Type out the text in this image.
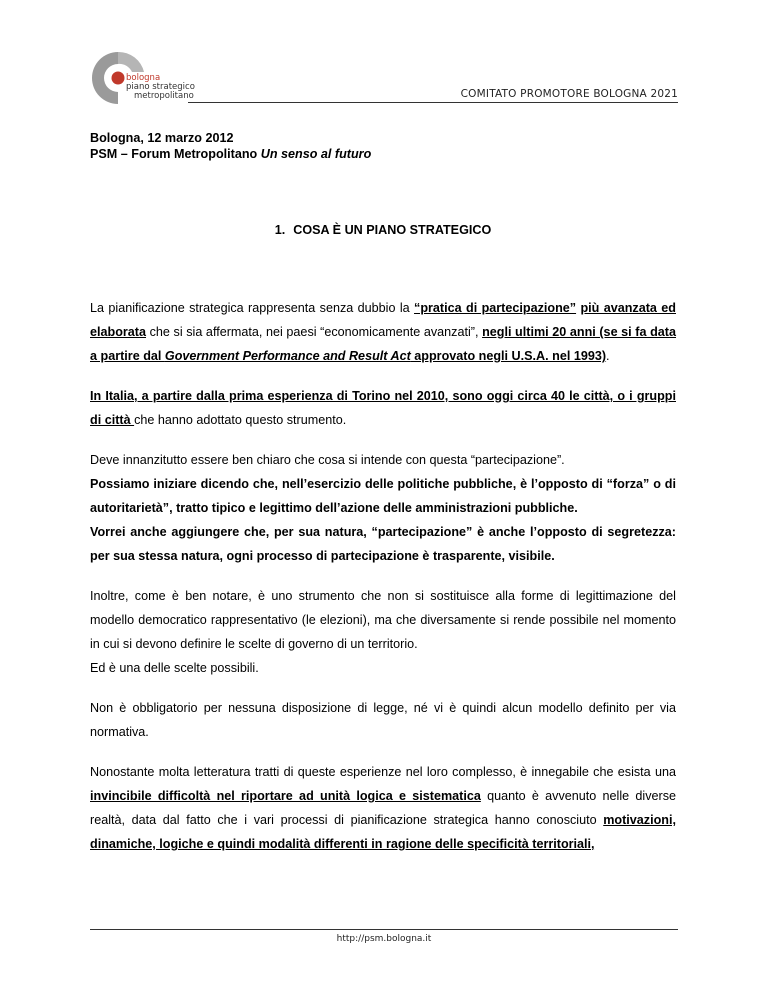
bologna
piano strategico
metropolitano	COMITATO PROMOTORE BOLOGNA 2021

Bologna, 12 marzo 2012

PSM – Forum Metropolitano Un senso al futuro

1. COSA È UN PIANO STRATEGICO

La pianificazione strategica rappresenta senza dubbio la “pratica di partecipazione” più avanzata ed elaborata che si sia affermata, nei paesi “economicamente avanzati”, negli ultimi 20 anni (se si fa data a partire dal Government Performance and Result Act approvato negli U.S.A. nel 1993).

In Italia, a partire dalla prima esperienza di Torino nel 2010, sono oggi circa 40 le città, o i gruppi di città che hanno adottato questo strumento.

Deve innanzitutto essere ben chiaro che cosa si intende con questa “partecipazione”.

Possiamo iniziare dicendo che, nell’esercizio delle politiche pubbliche, è l’opposto di “forza” o di autoritarietà”, tratto tipico e legittimo dell’azione delle amministrazioni pubbliche.

Vorrei anche aggiungere che, per sua natura, “partecipazione” è anche l’opposto di segretezza: per sua stessa natura, ogni processo di partecipazione è trasparente, visibile.

Inoltre, come è ben notare, è uno strumento che non si sostituisce alla forme di legittimazione del modello democratico rappresentativo (le elezioni), ma che diversamente si rende possibile nel momento in cui si devono definire le scelte di governo di un territorio.

Ed è una delle scelte possibili.

Non è obbligatorio per nessuna disposizione di legge, né vi è quindi alcun modello definito per via normativa.

Nonostante molta letteratura tratti di queste esperienze nel loro complesso, è innegabile che esista una invincibile difficoltà nel riportare ad unità logica e sistematica quanto è avvenuto nelle diverse realtà, data dal fatto che i vari processi di pianificazione strategica hanno conosciuto motivazioni, dinamiche, logiche e quindi modalità differenti in ragione delle specificità territoriali,

http://psm.bologna.it
